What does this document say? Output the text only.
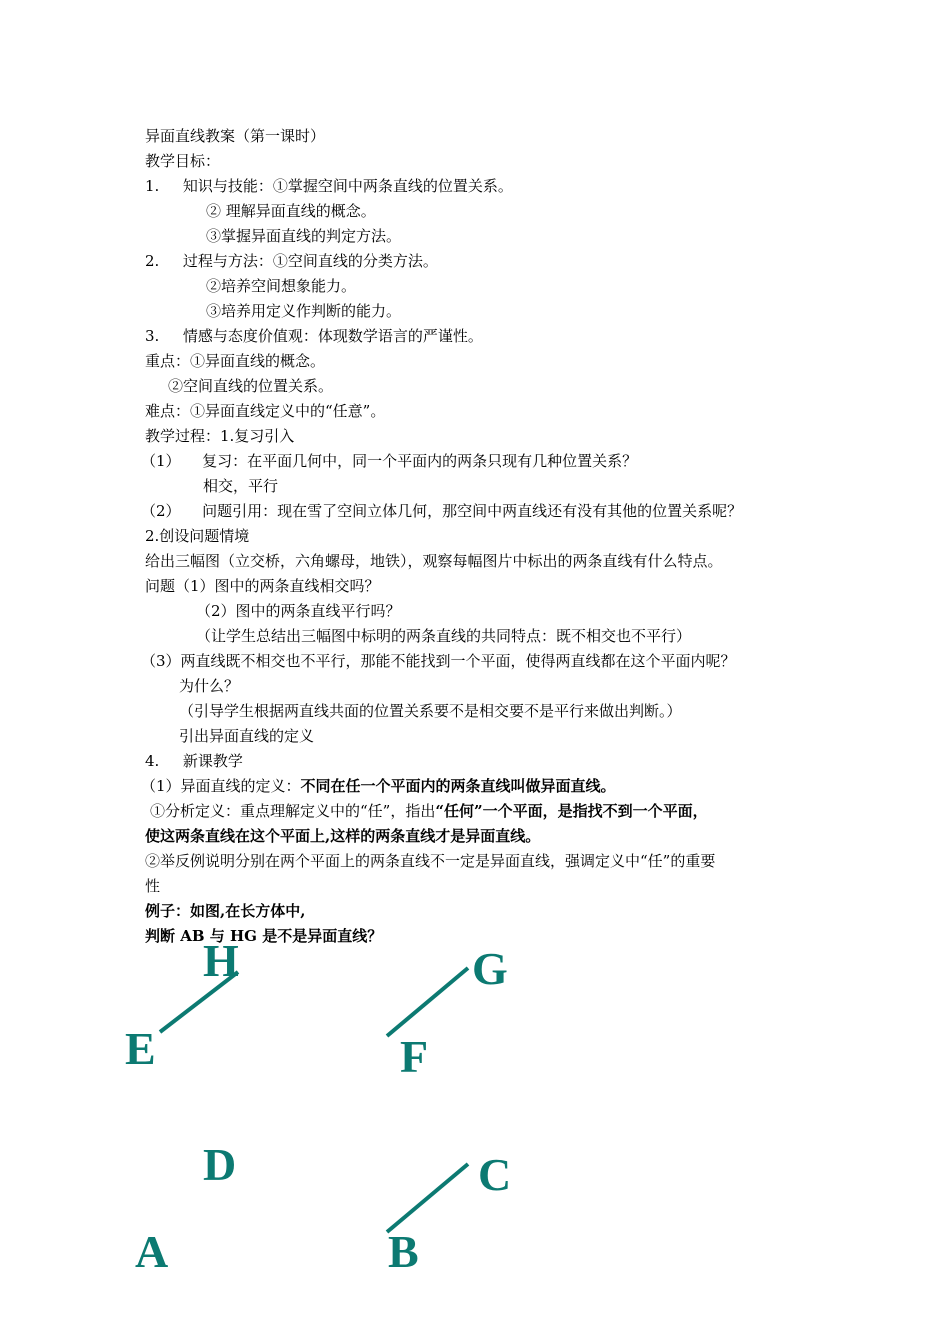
异面直线教案（第一课时）
教学目标：
1. 知识与技能：①掌握空间中两条直线的位置关系。
② 理解异面直线的概念。
③掌握异面直线的判定方法。
2. 过程与方法：①空间直线的分类方法。
②培养空间想象能力。
③培养用定义作判断的能力。
3. 情感与态度价值观：体现数学语言的严谨性。
重点：①异面直线的概念。
②空间直线的位置关系。
难点：①异面直线定义中的“任意”。
教学过程：1.复习引入
（1） 复习：在平面几何中，同一个平面内的两条只现有几种位置关系？
相交，平行
（2） 问题引用：现在雪了空间立体几何，那空间中两直线还有没有其他的位置关系呢？
2.创设问题情境
给出三幅图（立交桥，六角螺母，地铁），观察每幅图片中标出的两条直线有什么特点。
问题（1）图中的两条直线相交吗？
（2）图中的两条直线平行吗？
（让学生总结出三幅图中标明的两条直线的共同特点：既不相交也不平行）
（3）两直线既不相交也不平行，那能不能找到一个平面，使得两直线都在这个平面内呢？
为什么？
（引导学生根据两直线共面的位置关系要不是相交要不是平行来做出判断。）
引出异面直线的定义
4. 新课教学
（1）异面直线的定义：不同在任一个平面内的两条直线叫做异面直线。
①分析定义：重点理解定义中的“任”，指出“任何”一个平面，是指找不到一个平面，
使这两条直线在这个平面上,这样的两条直线才是异面直线。
②举反例说明分别在两个平面上的两条直线不一定是异面直线，强调定义中“任”的重要
性
例子：如图,在长方体中,
判断 AB 与 HG 是不是异面直线？
H	G
E	F
D	C
A	B
